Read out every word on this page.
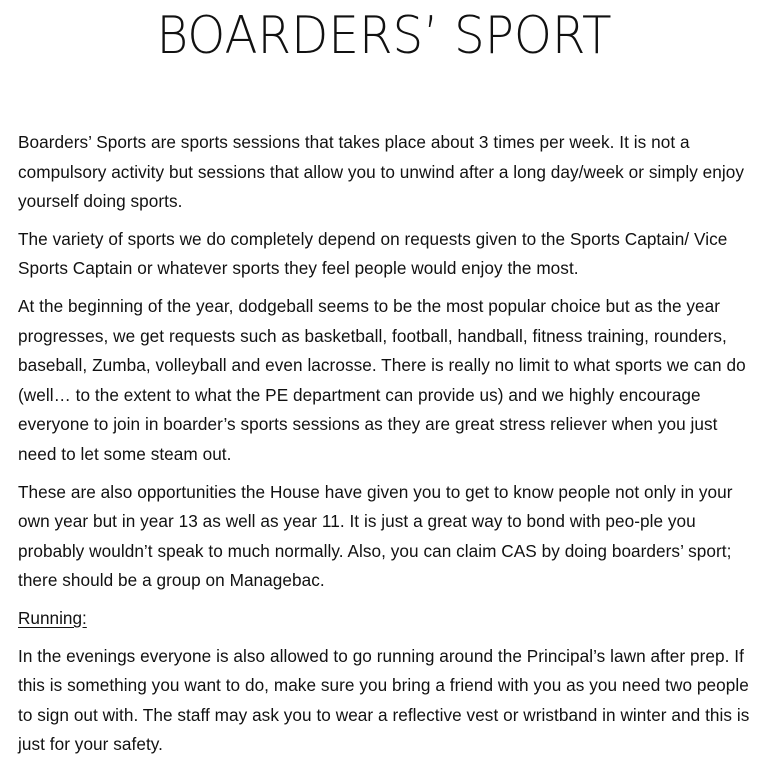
BOARDERS’ SPORT

Boarders’ Sports are sports sessions that takes place about 3 times per week. It is not a compulsory activity but sessions that allow you to unwind after a long day/week or simply enjoy yourself doing sports.

The variety of sports we do completely depend on requests given to the Sports Captain/ Vice Sports Captain or whatever sports they feel people would enjoy the most.

At the beginning of the year, dodgeball seems to be the most popular choice but as the year progresses, we get requests such as basketball, football, handball, fitness training, rounders, baseball, Zumba, volleyball and even lacrosse. There is really no limit to what sports we can do (well… to the extent to what the PE department can provide us) and we highly encourage everyone to join in boarder’s sports sessions as they are great stress reliever when you just need to let some steam out.

These are also opportunities the House have given you to get to know people not only in your own year but in year 13 as well as year 11. It is just a great way to bond with peo-ple you probably wouldn’t speak to much normally. Also, you can claim CAS by doing boarders’ sport; there should be a group on Managebac.

Running:

In the evenings everyone is also allowed to go running around the Principal’s lawn after prep. If this is something you want to do, make sure you bring a friend with you as you need two people to sign out with. The staff may ask you to wear a reflective vest or wristband in winter and this is just for your safety.
